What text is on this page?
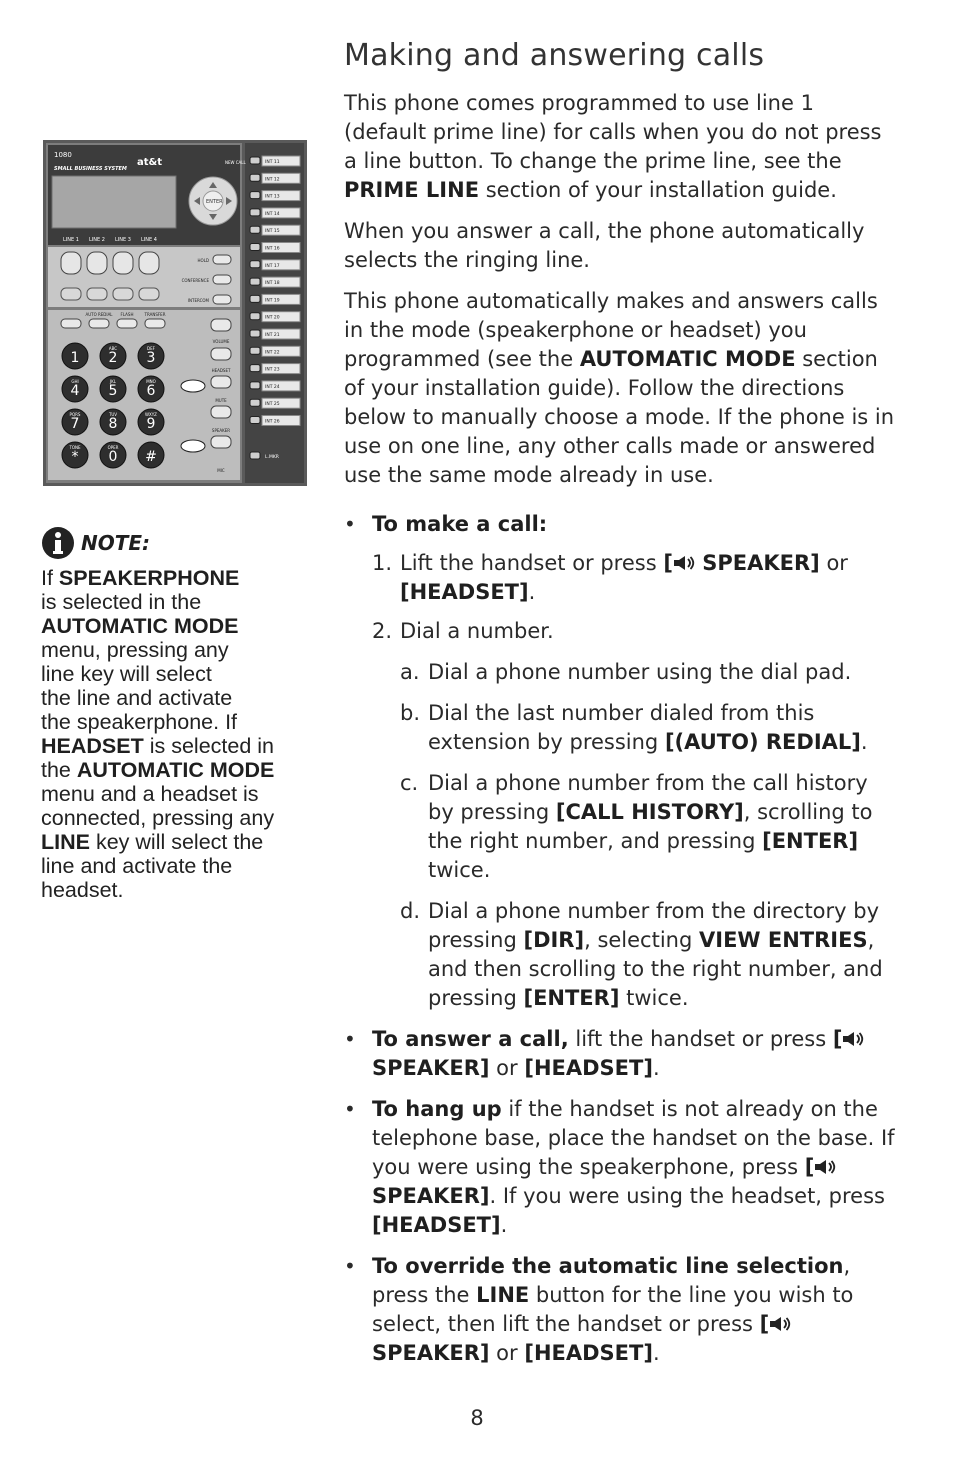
1080
at&t
SMALL BUSINESS SYSTEM
ENTER
NEW CALL
LINE 1 LINE 2 LINE 3 LINE 4
HOLD
CONFERENCE
INTERCOM
AUTO REDIAL FLASH	TRANSFER
1 2
ABC
3
DEF
4
GHI
5
JKL
6
MNO
7
PQRS
8
TUV
9
WXYZ
*
TONE
0
OPER
#
VOLUME
HEADSET
MUTE
SPEAKER
MIC
INT 11
INT 12
INT 13
INT 14
INT 15
INT 16
INT 17
INT 18
INT 19
INT 20
INT 21
INT 22
INT 23
INT 24
INT 25
INT 26
L.MKR
NOTE:
If SPEAKERPHONE
is selected in the
AUTOMATIC MODE
menu, pressing any
line key will select
the line and activate
the speakerphone. If
HEADSET is selected in
the AUTOMATIC MODE
menu and a headset is
connected, pressing any
LINE key will select the
line and activate the
headset.
Making and answering calls

This phone comes programmed to use line 1 (default prime line) for calls when you do not press a line button. To change the prime line, see the PRIME LINE section of your installation guide.

When you answer a call, the phone automatically selects the ringing line.

This phone automatically makes and answers calls in the mode (speakerphone or headset) you programmed (see the AUTOMATIC MODE section of your installation guide). Follow the directions below to manually choose a mode. If the phone is in use on one line, any other calls made or answered use the same mode already in use.

• To make a call:
1. Lift the handset or press [ SPEAKER] or [HEADSET].
2. Dial a number.
a. Dial a phone number using the dial pad.
b. Dial the last number dialed from this extension by pressing [(AUTO) REDIAL].
c. Dial a phone number from the call history by pressing [CALL HISTORY], scrolling to the right number, and pressing [ENTER] twice.
d. Dial a phone number from the directory by pressing [DIR], selecting VIEW ENTRIES, and then scrolling to the right number, and pressing [ENTER] twice.
• To answer a call, lift the handset or press [ SPEAKER] or [HEADSET].
• To hang up if the handset is not already on the telephone base, place the handset on the base. If you were using the speakerphone, press [ SPEAKER]. If you were using the headset, press [HEADSET].
• To override the automatic line selection, press the LINE button for the line you wish to select, then lift the handset or press [ SPEAKER] or [HEADSET].
8
